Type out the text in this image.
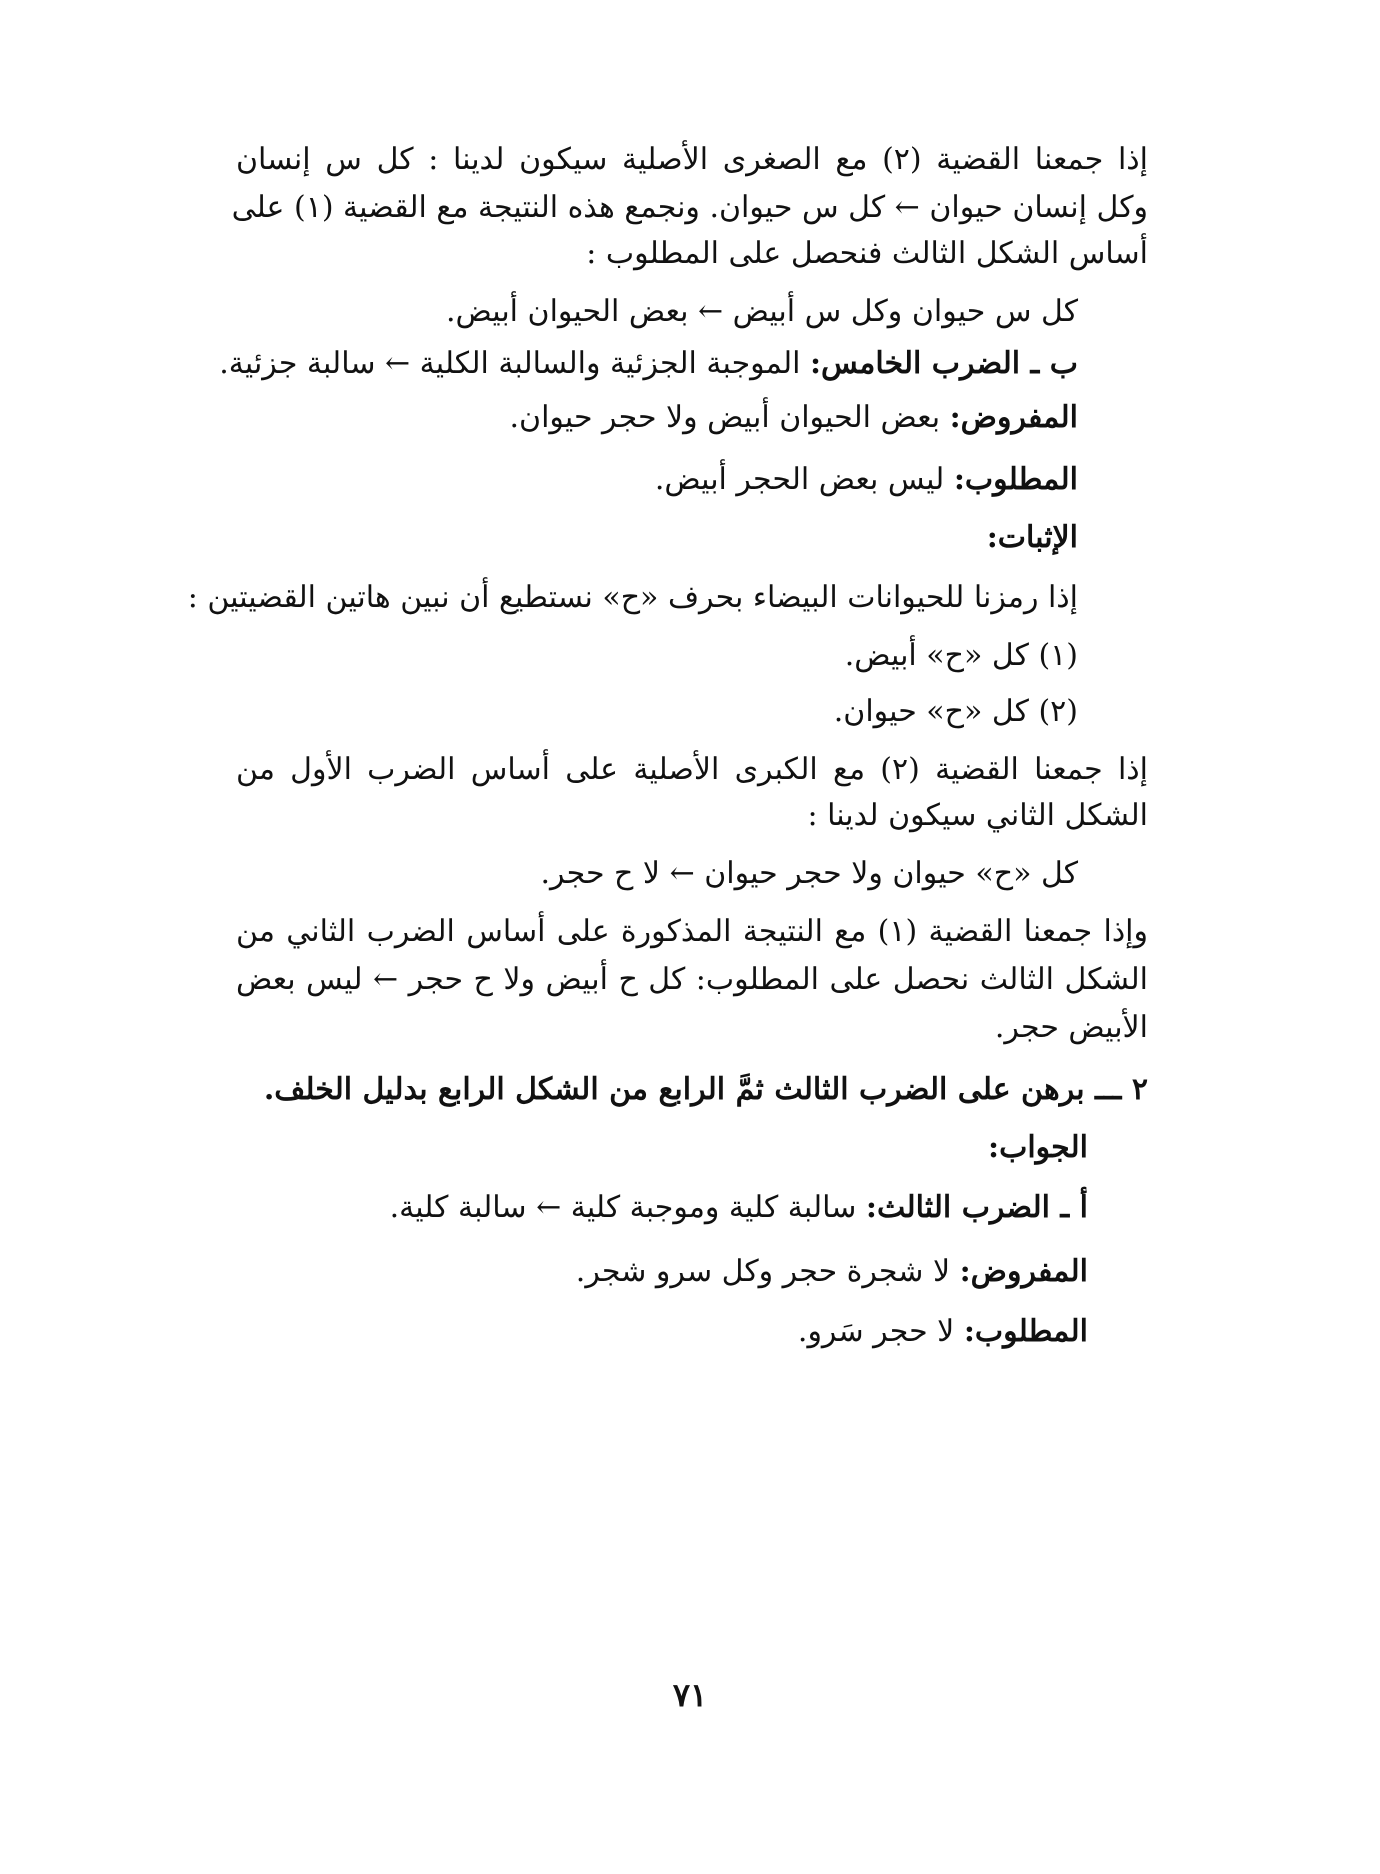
إذا جمعنا القضية (٢) مع الصغرى الأصلية سيكون لدينا : كل س إنسان
وكل إنسان حيوان ← كل س حيوان. ونجمع هذه النتيجة مع القضية (١) على
أساس الشكل الثالث فنحصل على المطلوب :
كل س حيوان وكل س أبيض ← بعض الحيوان أبيض.
ب ـ الضرب الخامس: الموجبة الجزئية والسالبة الكلية ← سالبة جزئية.
المفروض: بعض الحيوان أبيض ولا حجر حيوان.
المطلوب: ليس بعض الحجر أبيض.
الإثبات:
إذا رمزنا للحيوانات البيضاء بحرف «ح» نستطيع أن نبين هاتين القضيتين :
(١) كل «ح» أبيض.
(٢) كل «ح» حيوان.
إذا جمعنا القضية (٢) مع الكبرى الأصلية على أساس الضرب الأول من
الشكل الثاني سيكون لدينا :
كل «ح» حيوان ولا حجر حيوان ← لا ح حجر.
وإذا جمعنا القضية (١) مع النتيجة المذكورة على أساس الضرب الثاني من
الشكل الثالث نحصل على المطلوب: كل ح أبيض ولا ح حجر ← ليس بعض
الأبيض حجر.
٢ ـــ برهن على الضرب الثالث ثمَّ الرابع من الشكل الرابع بدليل الخلف.
الجواب:
أ ـ الضرب الثالث: سالبة كلية وموجبة كلية ← سالبة كلية.
المفروض: لا شجرة حجر وكل سرو شجر.
المطلوب: لا حجر سَرو.
٧١
